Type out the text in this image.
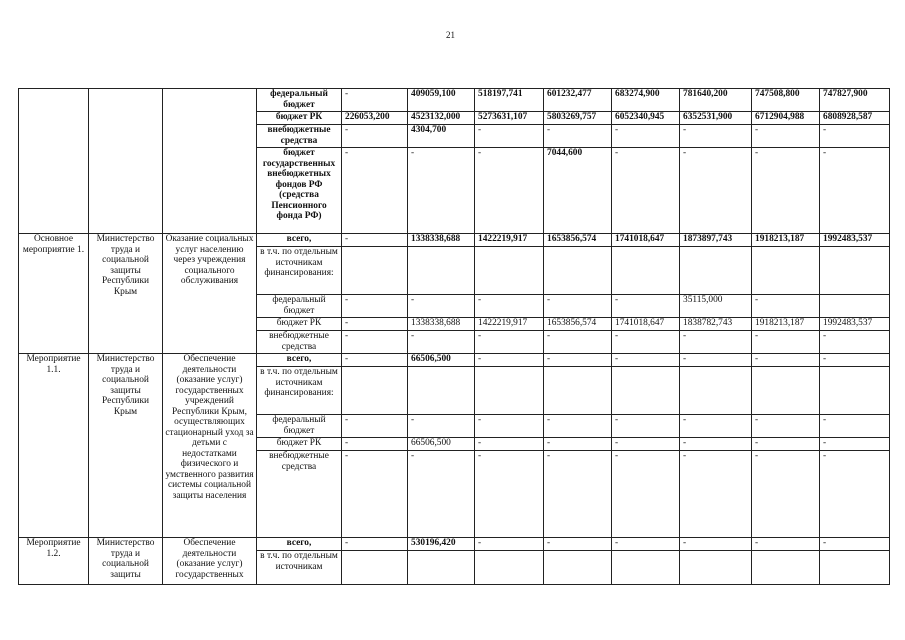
21
			федеральный бюджет	-	409059,100	518197,741	601232,477	683274,900	781640,200	747508,800	747827,900
			бюджет РК	226053,200	4523132,000	5273631,107	5803269,757	6052340,945	6352531,900	6712904,988	6808928,587
			внебюджетные средства	-	4304,700	-	-	-	-	-	-
			бюджет государственных внебюджетных фондов РФ (средства Пенсионного фонда РФ)	-	-	-	7044,600	-	-	-	-
Основное мероприятие 1.	Министерство труда и социальной защиты Республики Крым	Оказание социальных услуг населению через учреждения социального обслуживания	всего,	-	1338338,688	1422219,917	1653856,574	1741018,647	1873897,743	1918213,187	1992483,537
			в т.ч. по отдельным источникам финансирования:								
			федеральный бюджет	-	-	-	-	-	35115,000	-	
			бюджет РК	-	1338338,688	1422219,917	1653856,574	1741018,647	1838782,743	1918213,187	1992483,537
			внебюджетные средства	-	-	-	-	-	-	-	-
Мероприятие 1.1.	Министерство труда и социальной защиты Республики Крым	Обеспечение деятельности (оказание услуг) государственных учреждений Республики Крым, осуществляющих стационарный уход за детьми с недостатками физического и умственного развития системы социальной защиты населения	всего,	-	66506,500	-	-	-	-	-	-
			в т.ч. по отдельным источникам финансирования:								
			федеральный бюджет	-	-	-	-	-	-	-	-
			бюджет РК	-	66506,500	-	-	-	-	-	-
			внебюджетные средства	-	-	-	-	-	-	-	-
Мероприятие 1.2.	Министерство труда и социальной защиты	Обеспечение деятельности (оказание услуг) государственных	всего,	-	530196,420	-	-	-	-	-	-
			в т.ч. по отдельным источникам								
